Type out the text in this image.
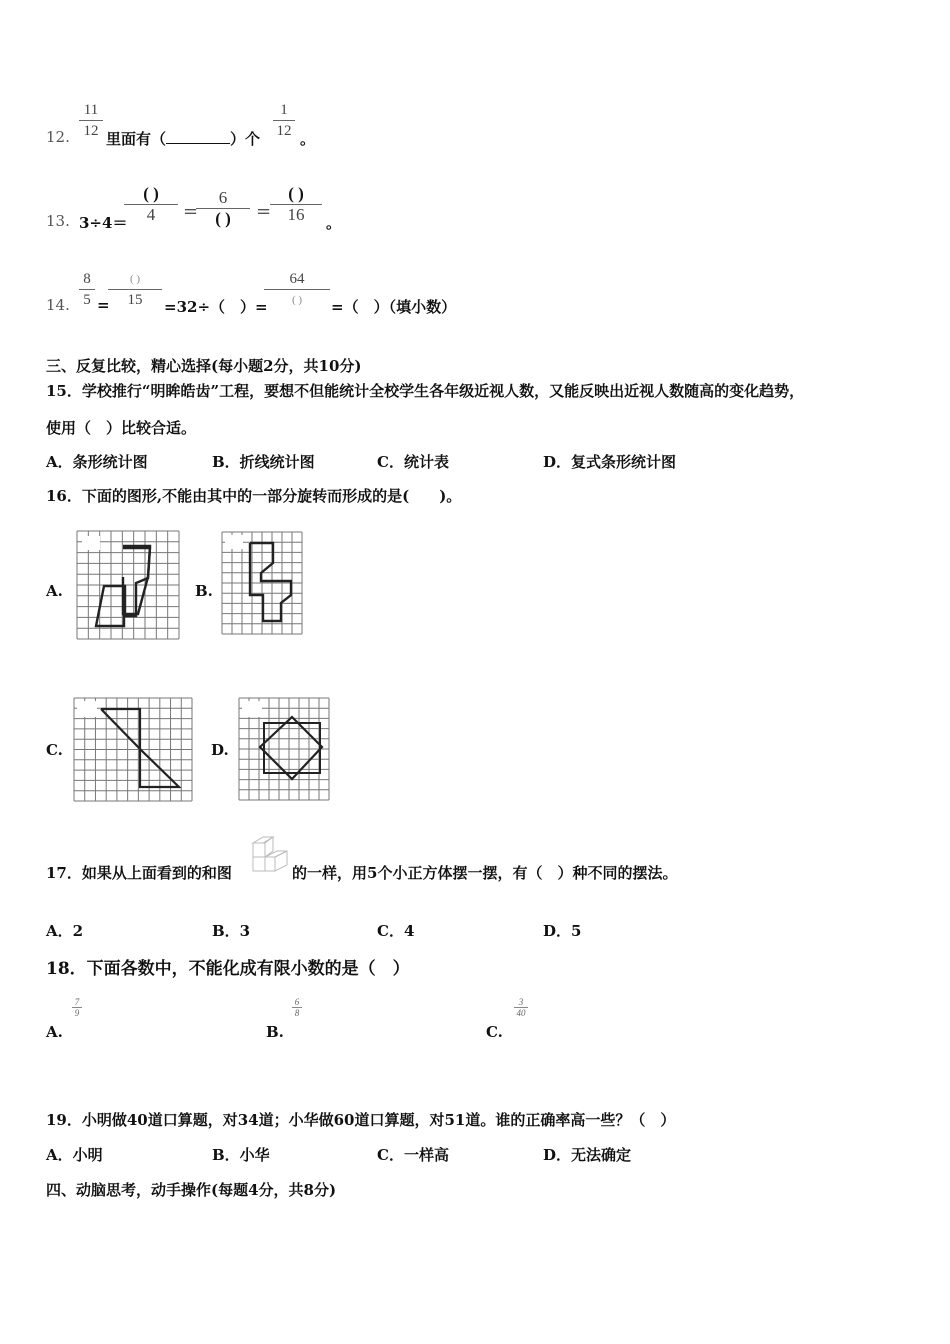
12.
11
12 里面有（	）个
1
12 。
13. 3÷4＝
( )
4	=
6
( )	=
( )
16	。
14.
8
5 =
( )
15	=32÷（　）=
64
( )	=（　）（填小数）
三、反复比较，精心选择(每小题2分，共10分)
15．学校推行“明眸皓齿”工程，要想不但能统计全校学生各年级近视人数，又能反映出近视人数随高的变化趋势，
使用（　）比较合适。
A．条形统计图	B．折线统计图	C．统计表	D．复式条形统计图
16．下面的图形,不能由其中的一部分旋转而形成的是(　　)。
A.	B.
C.	D.
17．如果从上面看到的和图	的一样，用5个小正方体摆一摆，有（　）种不同的摆法。
A．2	B．3	C．4	D．5
18．下面各数中，不能化成有限小数的是（　）
A.
7
9
B.
6
8
C.
3
40
19．小明做40道口算题，对34道；小华做60道口算题，对51道。谁的正确率高一些？（　）
A．小明	B．小华	C．一样高	D．无法确定
四、动脑思考，动手操作(每题4分，共8分)
